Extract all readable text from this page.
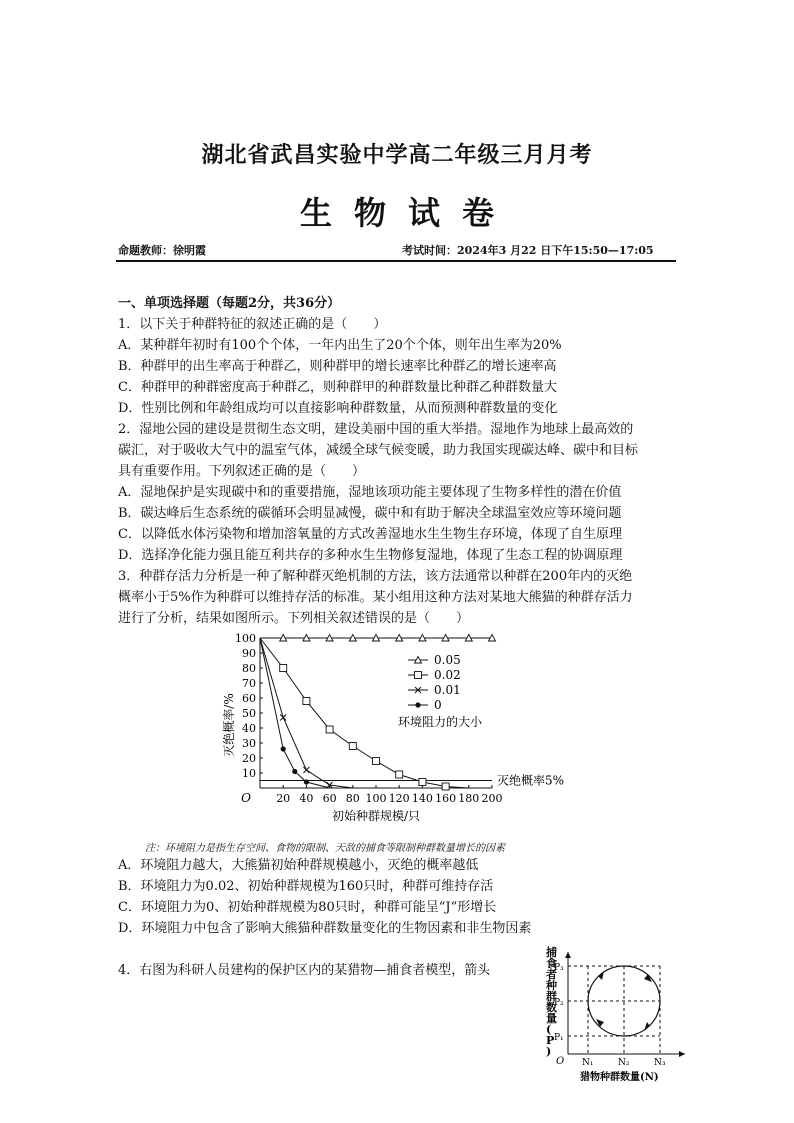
湖北省武昌实验中学高二年级三月月考
生物试卷
命题教师：徐明霞	考试时间：2024年3 月22 日下午15:50—17:05
一、单项选择题（每题2分，共36分）
1．以下关于种群特征的叙述正确的是（　　）
A．某种群年初时有100个个体，一年内出生了20个个体，则年出生率为20%
B．种群甲的出生率高于种群乙，则种群甲的增长速率比种群乙的增长速率高
C．种群甲的种群密度高于种群乙，则种群甲的种群数量比种群乙种群数量大
D．性别比例和年龄组成均可以直接影响种群数量，从而预测种群数量的变化
2．湿地公园的建设是贯彻生态文明，建设美丽中国的重大举措。湿地作为地球上最高效的
碳汇，对于吸收大气中的温室气体，减缓全球气候变暖，助力我国实现碳达峰、碳中和目标
具有重要作用。下列叙述正确的是（　　）
A．湿地保护是实现碳中和的重要措施，湿地该项功能主要体现了生物多样性的潜在价值
B．碳达峰后生态系统的碳循环会明显减慢，碳中和有助于解决全球温室效应等环境问题
C．以降低水体污染物和增加溶氧量的方式改善湿地水生生物生存环境，体现了自生原理
D．选择净化能力强且能互利共存的多种水生生物修复湿地，体现了生态工程的协调原理
3．种群存活力分析是一种了解种群灭绝机制的方法，该方法通常以种群在200年内的灭绝
概率小于5%作为种群可以维持存活的标准。某小组用这种方法对某地大熊猫的种群存活力
进行了分析，结果如图所示。下列相关叙述错误的是（　　）
20 40 60 80 100 120 140 160 180 200
10
20
30
40
50
60
70
80
90
100
O
初始种群规模/只
灭绝概率/%
灭绝概率5%
0.05
0.02
0.01
0
环境阻力的大小
注：环境阻力是指生存空间、食物的限制、天敌的捕食等限制种群数量增长的因素
A．环境阻力越大，大熊猫初始种群规模越小，灭绝的概率越低
B．环境阻力为0.02、初始种群规模为160只时，种群可维持存活
C．环境阻力为0、初始种群规模为80只时，种群可能呈“J”形增长
D．环境阻力中包含了影响大熊猫种群数量变化的生物因素和非生物因素
4．右图为科研人员建构的保护区内的某猎物—捕食者模型，箭头
捕食者种群数量( P )
P₃
P₂
P₁
O N₁	N₂	N₃
猎物种群数量(N)
